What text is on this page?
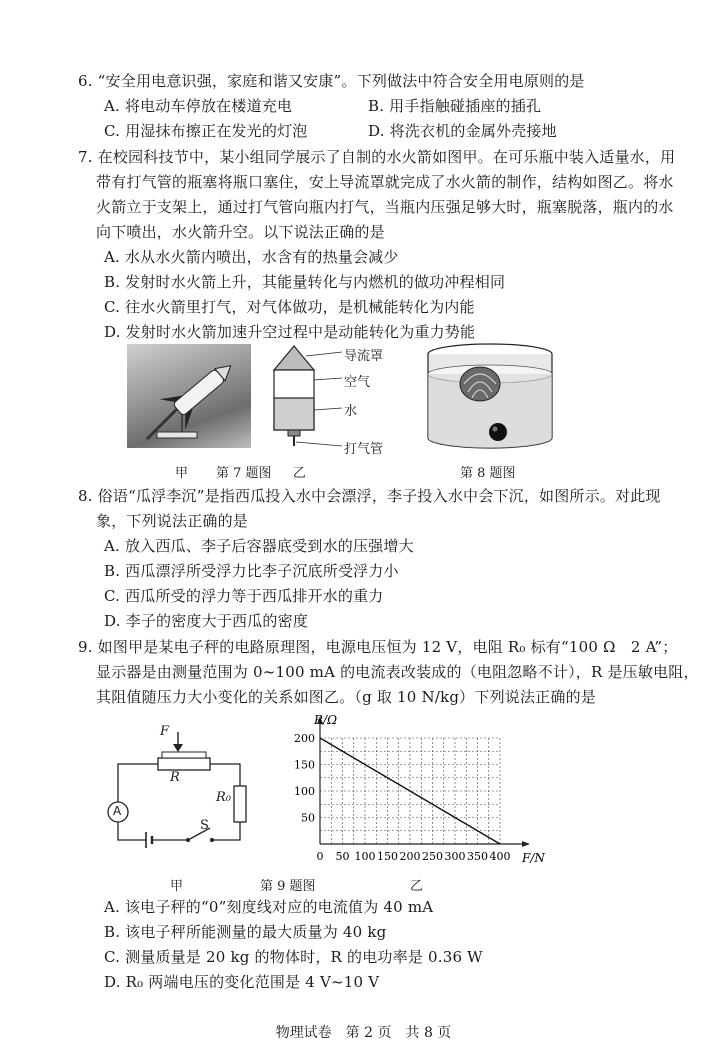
6. “安全用电意识强，家庭和谐又安康”。下列做法中符合安全用电原则的是
A. 将电动车停放在楼道充电	B. 用手指触碰插座的插孔
C. 用湿抹布擦正在发光的灯泡	D. 将洗衣机的金属外壳接地
7. 在校园科技节中，某小组同学展示了自制的水火箭如图甲。在可乐瓶中装入适量水，用
带有打气管的瓶塞将瓶口塞住，安上导流罩就完成了水火箭的制作，结构如图乙。将水
火箭立于支架上，通过打气管向瓶内打气，当瓶内压强足够大时，瓶塞脱落，瓶内的水
向下喷出，水火箭升空。以下说法正确的是
A. 水从水火箭内喷出，水含有的热量会减少
B. 发射时水火箭上升，其能量转化与内燃机的做功冲程相同
C. 往水火箭里打气，对气体做功，是机械能转化为内能
D. 发射时水火箭加速升空过程中是动能转化为重力势能
导流罩
空气
水
打气管
甲 第 7 题图 乙	第 8 题图
8. 俗语“瓜浮李沉”是指西瓜投入水中会漂浮，李子投入水中会下沉，如图所示。对此现
象，下列说法正确的是
A. 放入西瓜、李子后容器底受到水的压强增大
B. 西瓜漂浮所受浮力比李子沉底所受浮力小
C. 西瓜所受的浮力等于西瓜排开水的重力
D. 李子的密度大于西瓜的密度
9. 如图甲是某电子秤的电路原理图，电源电压恒为 12 V，电阻 R₀ 标有“100 Ω　2 A”；
显示器是由测量范围为 0~100 mA 的电流表改装成的（电阻忽略不计），R 是压敏电阻，
其阻值随压力大小变化的关系如图乙。（g 取 10 N/kg）下列说法正确的是
F
R
R₀
A
S
甲	第 9 题图	乙
0 50 100 150 200 250 300 350 400
50
100
150
200
R/Ω
F/N
A. 该电子秤的“0”刻度线对应的电流值为 40 mA
B. 该电子秤所能测量的最大质量为 40 kg
C. 测量质量是 20 kg 的物体时，R 的电功率是 0.36 W
D. R₀ 两端电压的变化范围是 4 V~10 V
物理试卷　第 2 页　共 8 页
